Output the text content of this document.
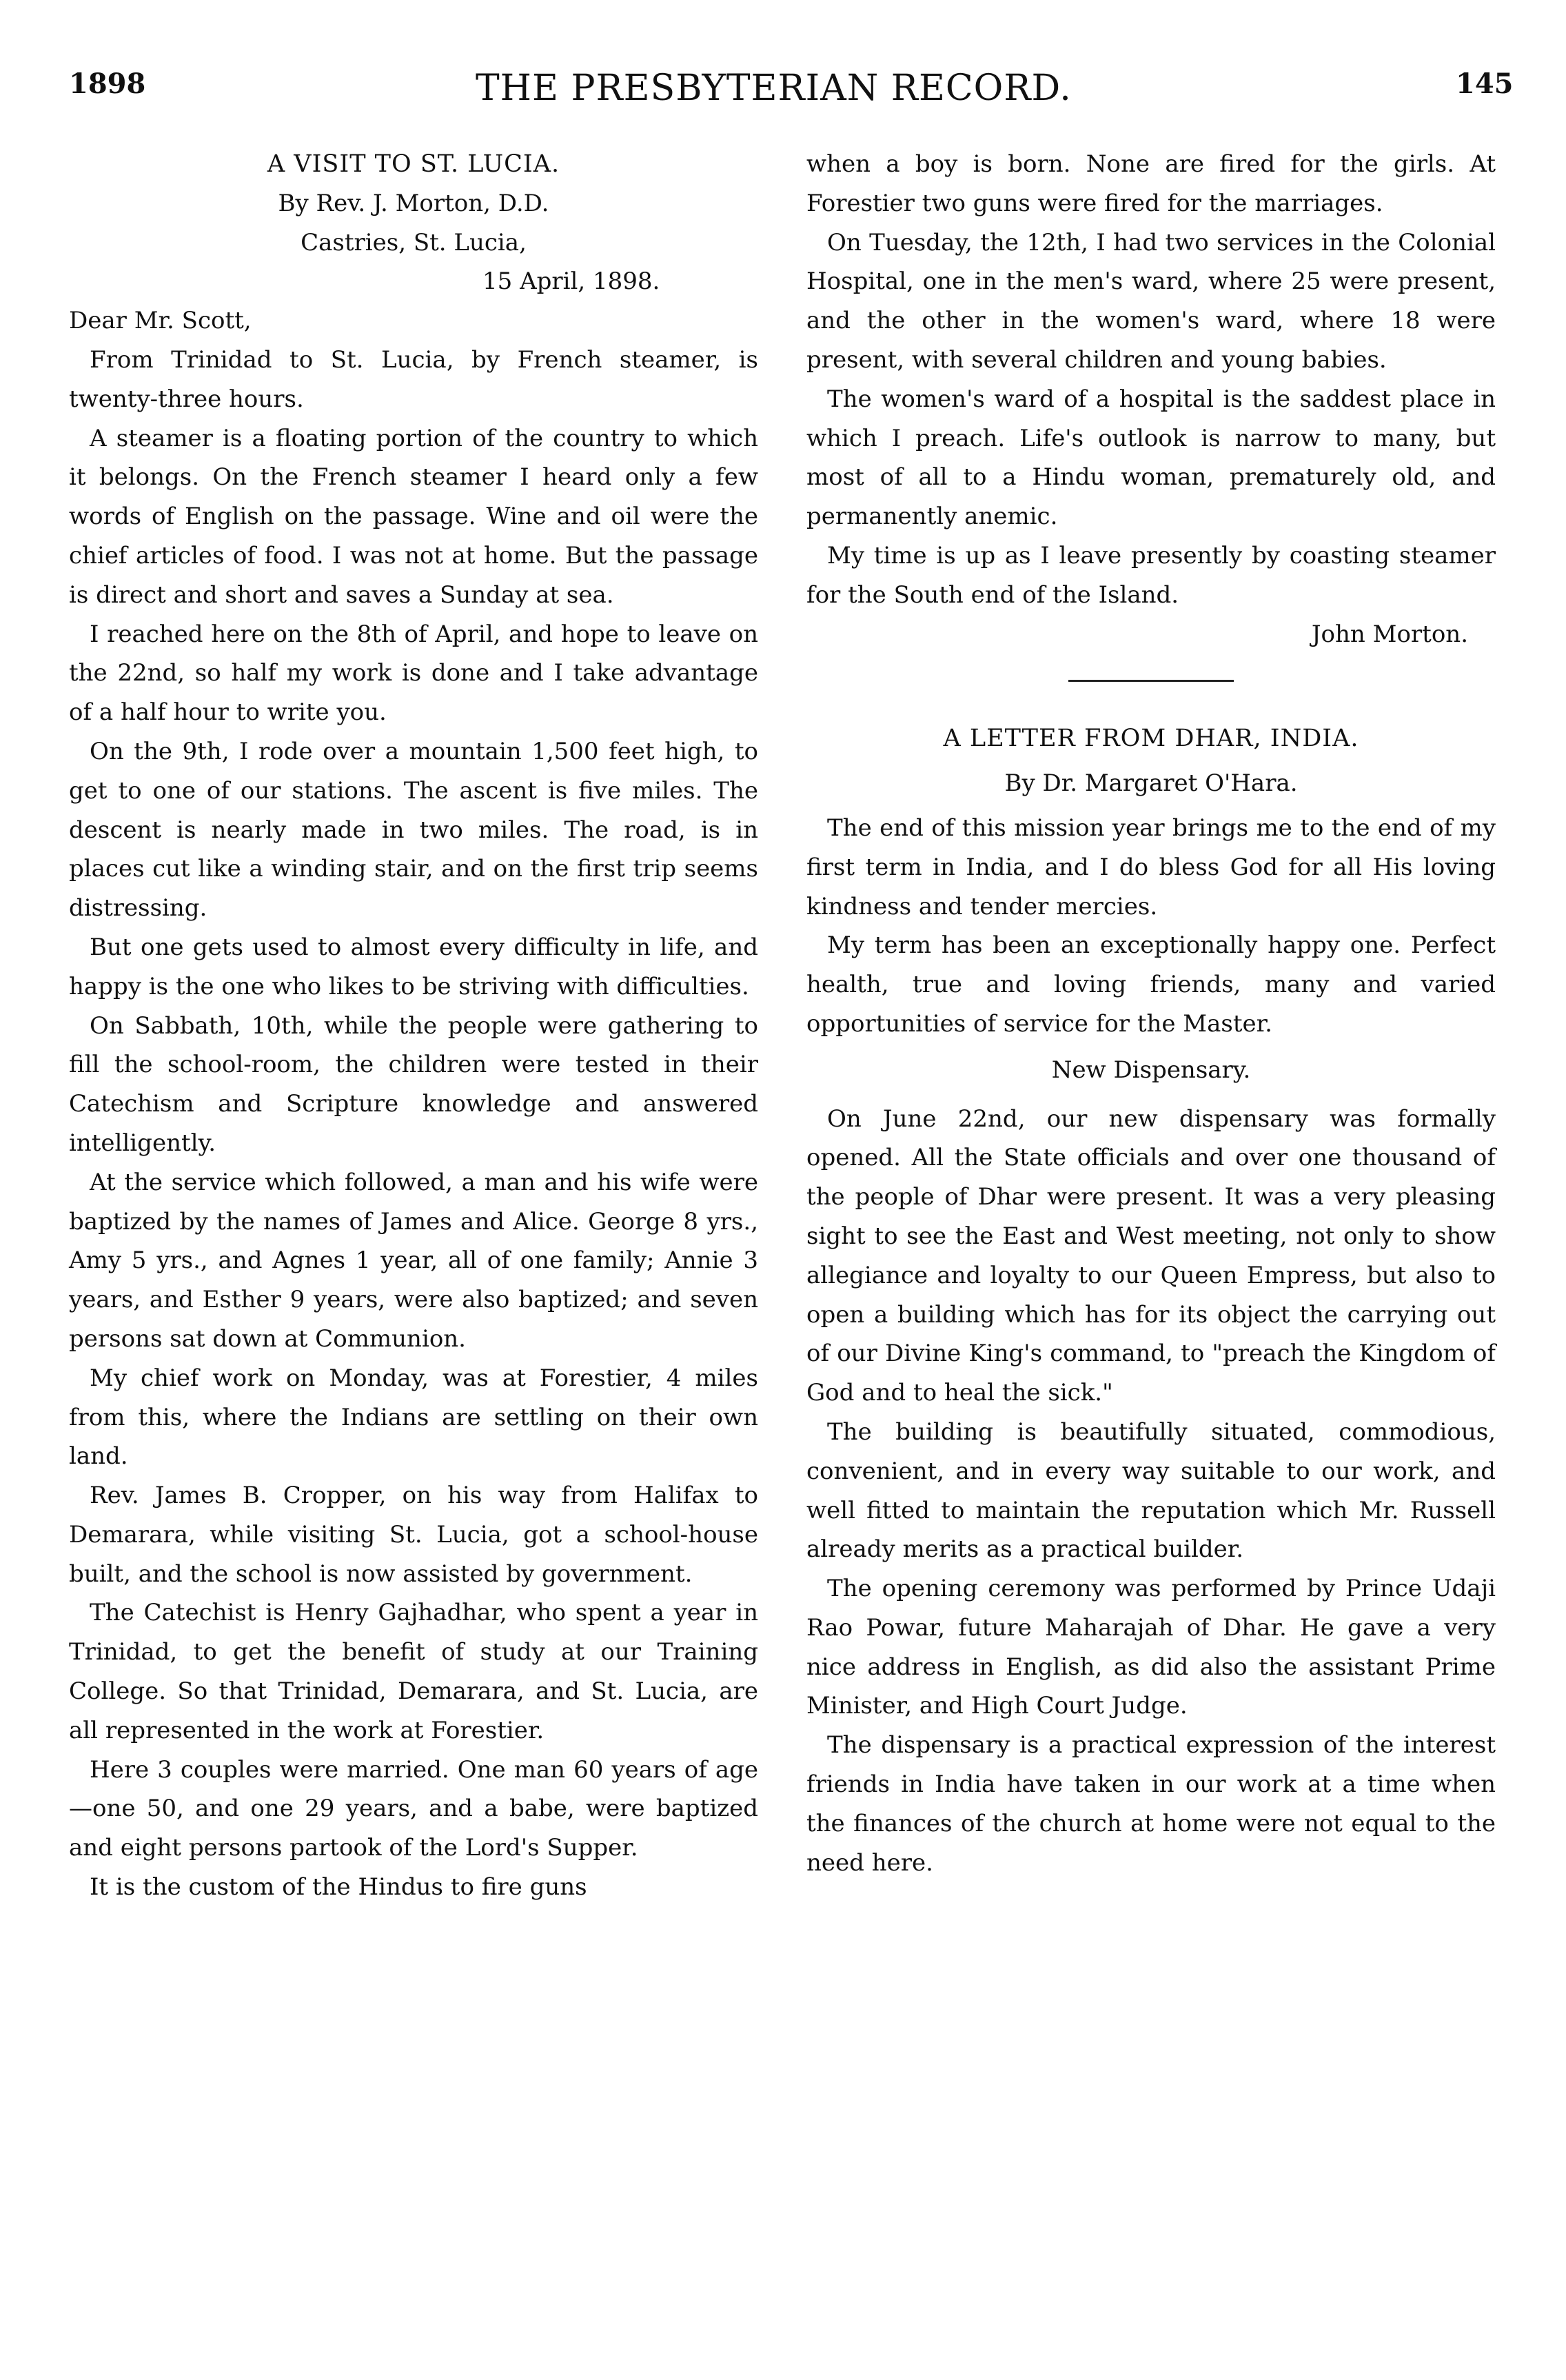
1898	THE PRESBYTERIAN RECORD.	145

A VISIT TO ST. LUCIA.

By Rev. J. Morton, D.D.

Castries, St. Lucia,

15 April, 1898.

Dear Mr. Scott,

From Trinidad to St. Lucia, by French steamer, is twenty-three hours.

A steamer is a floating portion of the country to which it belongs. On the French steamer I heard only a few words of English on the passage. Wine and oil were the chief articles of food. I was not at home. But the passage is direct and short and saves a Sunday at sea.

I reached here on the 8th of April, and hope to leave on the 22nd, so half my work is done and I take advantage of a half hour to write you.

On the 9th, I rode over a mountain 1,500 feet high, to get to one of our stations. The ascent is five miles. The descent is nearly made in two miles. The road, is in places cut like a winding stair, and on the first trip seems distressing.

But one gets used to almost every difficulty in life, and happy is the one who likes to be striving with difficulties.

On Sabbath, 10th, while the people were gathering to fill the school-room, the children were tested in their Catechism and Scripture knowledge and answered intelligently.

At the service which followed, a man and his wife were baptized by the names of James and Alice. George 8 yrs., Amy 5 yrs., and Agnes 1 year, all of one family; Annie 3 years, and Esther 9 years, were also baptized; and seven persons sat down at Communion.

My chief work on Monday, was at Forestier, 4 miles from this, where the Indians are settling on their own land.

Rev. James B. Cropper, on his way from Halifax to Demarara, while visiting St. Lucia, got a school-house built, and the school is now assisted by government.

The Catechist is Henry Gajhadhar, who spent a year in Trinidad, to get the benefit of study at our Training College. So that Trinidad, Demarara, and St. Lucia, are all represented in the work at Forestier.

Here 3 couples were married. One man 60 years of age—one 50, and one 29 years, and a babe, were baptized and eight persons partook of the Lord's Supper.

It is the custom of the Hindus to fire guns

when a boy is born. None are fired for the girls. At Forestier two guns were fired for the marriages.

On Tuesday, the 12th, I had two services in the Colonial Hospital, one in the men's ward, where 25 were present, and the other in the women's ward, where 18 were present, with several children and young babies.

The women's ward of a hospital is the saddest place in which I preach. Life's outlook is narrow to many, but most of all to a Hindu woman, prematurely old, and permanently anemic.

My time is up as I leave presently by coasting steamer for the South end of the Island.

John Morton.

A LETTER FROM DHAR, INDIA.

By Dr. Margaret O'Hara.

The end of this mission year brings me to the end of my first term in India, and I do bless God for all His loving kindness and tender mercies.

My term has been an exceptionally happy one. Perfect health, true and loving friends, many and varied opportunities of service for the Master.

New Dispensary.

On June 22nd, our new dispensary was formally opened. All the State officials and over one thousand of the people of Dhar were present. It was a very pleasing sight to see the East and West meeting, not only to show allegiance and loyalty to our Queen Empress, but also to open a building which has for its object the carrying out of our Divine King's command, to "preach the Kingdom of God and to heal the sick."

The building is beautifully situated, commodious, convenient, and in every way suitable to our work, and well fitted to maintain the reputation which Mr. Russell already merits as a practical builder.

The opening ceremony was performed by Prince Udaji Rao Powar, future Maharajah of Dhar. He gave a very nice address in English, as did also the assistant Prime Minister, and High Court Judge.

The dispensary is a practical expression of the interest friends in India have taken in our work at a time when the finances of the church at home were not equal to the need here.
